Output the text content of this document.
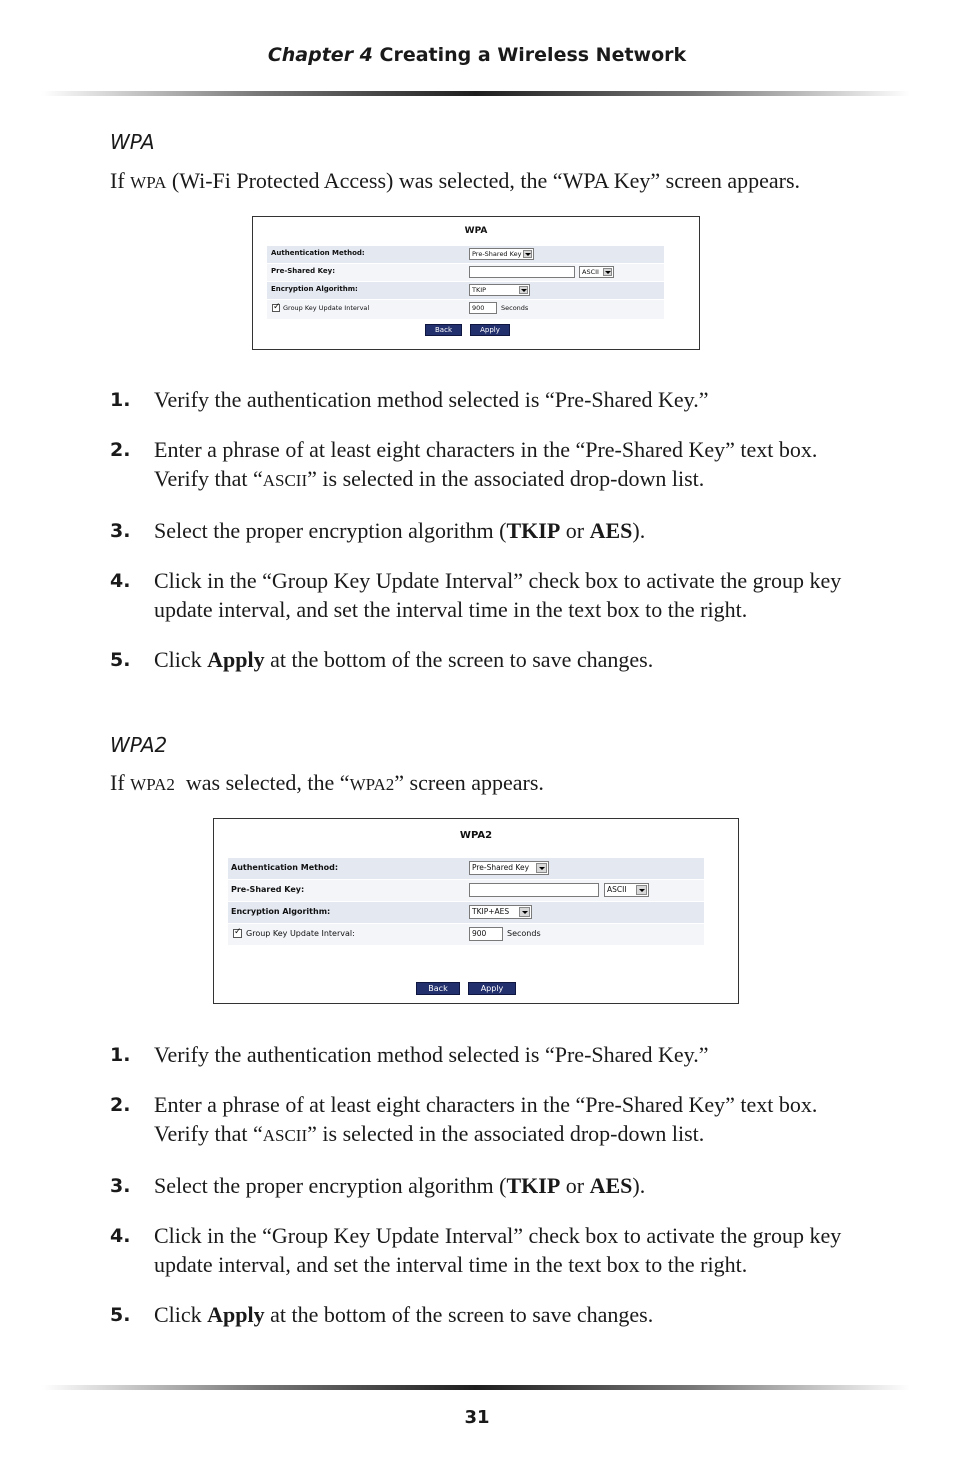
Chapter 4 Creating a Wireless Network
WPA
If WPA (Wi-Fi Protected Access) was selected, the “WPA Key” screen appears.
WPA
Authentication Method:	Pre-Shared Key
Pre-Shared Key:	ASCII
Encryption Algorithm:	TKIP
✓
Group Key Update Interval	900	Seconds
Back	Apply
1. Verify the authentication method selected is “Pre-Shared Key.”
2. Enter a phrase of at least eight characters in the “Pre-Shared Key” text box.
Verify that “ASCII” is selected in the associated drop-down list.
3. Select the proper encryption algorithm (TKIP or AES).
4. Click in the “Group Key Update Interval” check box to activate the group key update interval, and set the interval time in the text box to the right.
5. Click Apply at the bottom of the screen to save changes.
WPA2
If WPA2  was selected, the “WPA2” screen appears.
WPA2
Authentication Method:	Pre-Shared Key
Pre-Shared Key:	ASCII
Encryption Algorithm:	TKIP+AES
✓
Group Key Update Interval:	900	Seconds
Back	Apply
1. Verify the authentication method selected is “Pre-Shared Key.”
2. Enter a phrase of at least eight characters in the “Pre-Shared Key” text box.
Verify that “ASCII” is selected in the associated drop-down list.
3. Select the proper encryption algorithm (TKIP or AES).
4. Click in the “Group Key Update Interval” check box to activate the group key update interval, and set the interval time in the text box to the right.
5. Click Apply at the bottom of the screen to save changes.
31
